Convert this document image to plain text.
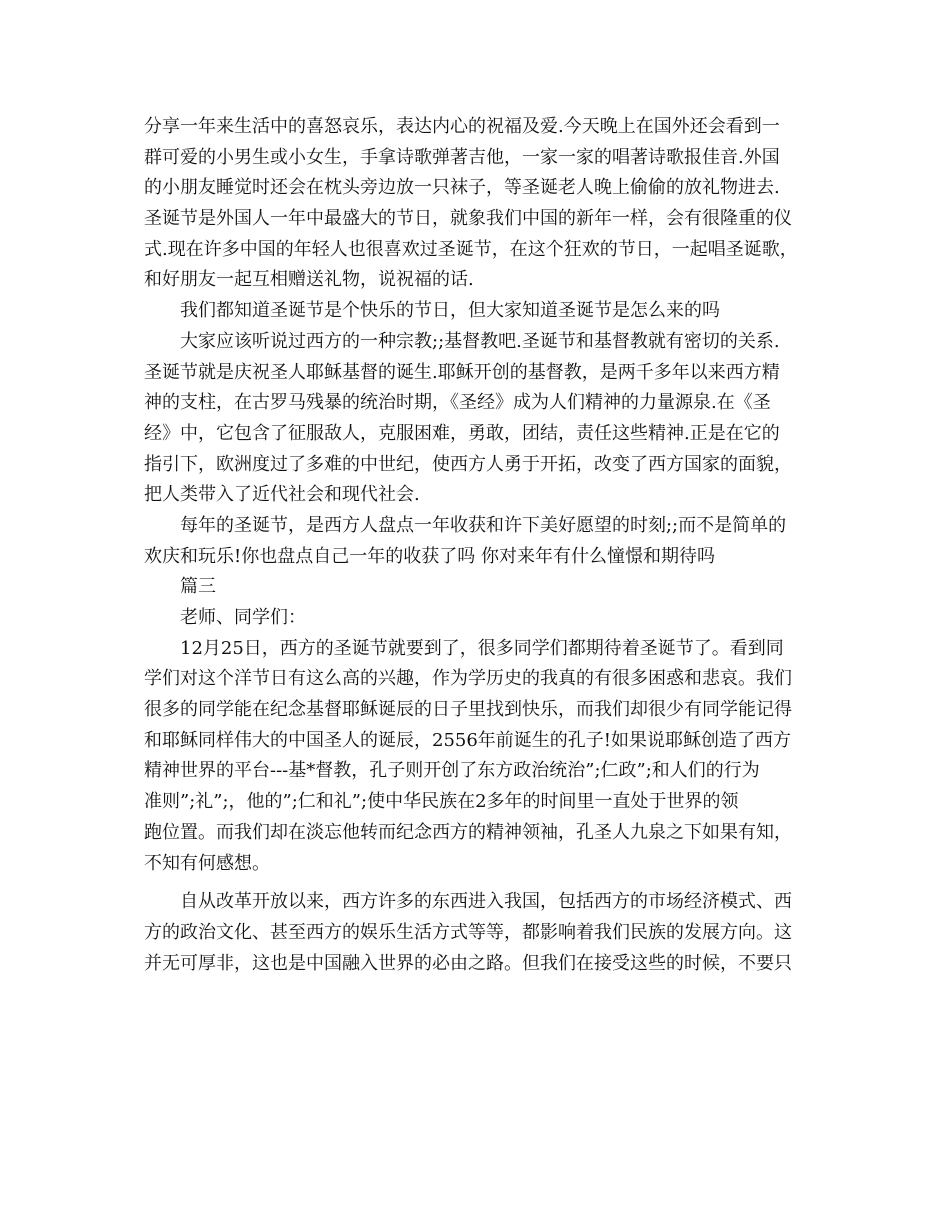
分享一年来生活中的喜怒哀乐，表达内心的祝福及爱.今天晚上在国外还会看到一
群可爱的小男生或小女生，手拿诗歌弹著吉他，一家一家的唱著诗歌报佳音.外国
的小朋友睡觉时还会在枕头旁边放一只袜子，等圣诞老人晚上偷偷的放礼物进去.
圣诞节是外国人一年中最盛大的节日，就象我们中国的新年一样，会有很隆重的仪
式.现在许多中国的年轻人也很喜欢过圣诞节，在这个狂欢的节日，一起唱圣诞歌，
和好朋友一起互相赠送礼物，说祝福的话.
我们都知道圣诞节是个快乐的节日，但大家知道圣诞节是怎么来的吗
大家应该听说过西方的一种宗教;;基督教吧.圣诞节和基督教就有密切的关系.
圣诞节就是庆祝圣人耶稣基督的诞生.耶稣开创的基督教，是两千多年以来西方精
神的支柱，在古罗马残暴的统治时期，《圣经》成为人们精神的力量源泉.在《圣
经》中，它包含了征服敌人，克服困难，勇敢，团结，责任这些精神.正是在它的
指引下，欧洲度过了多难的中世纪，使西方人勇于开拓，改变了西方国家的面貌，
把人类带入了近代社会和现代社会.
每年的圣诞节，是西方人盘点一年收获和许下美好愿望的时刻;;而不是简单的
欢庆和玩乐!你也盘点自己一年的收获了吗 你对来年有什么憧憬和期待吗
篇三
老师、同学们：
12月25日，西方的圣诞节就要到了，很多同学们都期待着圣诞节了。看到同
学们对这个洋节日有这么高的兴趣，作为学历史的我真的有很多困惑和悲哀。我们
很多的同学能在纪念基督耶稣诞辰的日子里找到快乐，而我们却很少有同学能记得
和耶稣同样伟大的中国圣人的诞辰，2556年前诞生的孔子!如果说耶稣创造了西方
精神世界的平台---基*督教，孔子则开创了东方政治统治”;仁政”;和人们的行为
准则”;礼”;，他的”;仁和礼”;使中华民族在2多年的时间里一直处于世界的领
跑位置。而我们却在淡忘他转而纪念西方的精神领袖，孔圣人九泉之下如果有知，
不知有何感想。
自从改革开放以来，西方许多的东西进入我国，包括西方的市场经济模式、西
方的政治文化、甚至西方的娱乐生活方式等等，都影响着我们民族的发展方向。这
并无可厚非，这也是中国融入世界的必由之路。但我们在接受这些的时候，不要只
